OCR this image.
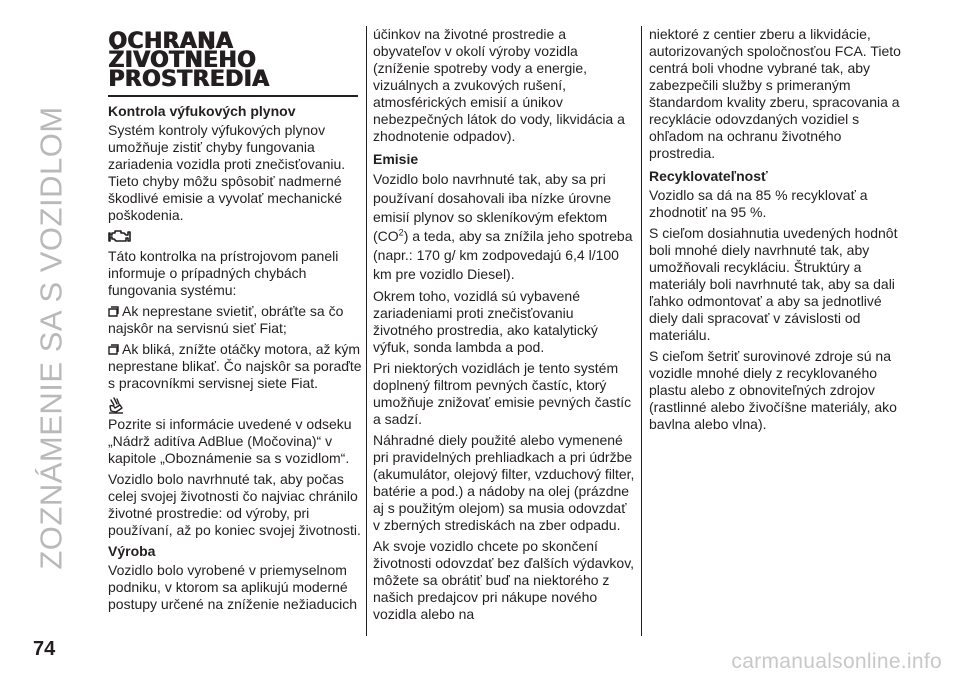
ZOZNÁMENIE SA S VOZIDLOM
OCHRANA
ŽIVOTNÉHO
PROSTREDIA
Kontrola výfukových plynov

Systém kontroly výfukových plynov umožňuje zistiť chyby fungovania zariadenia vozidla proti znečisťovaniu. Tieto chyby môžu spôsobiť nadmerné škodlivé emisie a vyvolať mechanické poškodenia.

Táto kontrolka na prístrojovom paneli informuje o prípadných chybách fungovania systému:

Ak neprestane svietiť, obráťte sa čo najskôr na servisnú sieť Fiat;

Ak bliká, znížte otáčky motora, až kým neprestane blikať. Čo najskôr sa poraďte s pracovníkmi servisnej siete Fiat.

Pozrite si informácie uvedené v odseku „Nádrž aditíva AdBlue (Močovina)“ v kapitole „Oboznámenie sa s vozidlom“.

Vozidlo bolo navrhnuté tak, aby počas celej svojej životnosti čo najviac chránilo životné prostredie: od výroby, pri používaní, až po koniec svojej životnosti.

Výroba

Vozidlo bolo vyrobené v priemyselnom podniku, v ktorom sa aplikujú moderné postupy určené na zníženie nežiaducich

účinkov na životné prostredie a obyvateľov v okolí výroby vozidla (zníženie spotreby vody a energie, vizuálnych a zvukových rušení, atmosférických emisií a únikov nebezpečných látok do vody, likvidácia a zhodnotenie odpadov).

Emisie

Vozidlo bolo navrhnuté tak, aby sa pri používaní dosahovali iba nízke úrovne emisií plynov so skleníkovým efektom $(CO^2)$ a teda, aby sa znížila jeho spotreba (napr.: 170 g/ km zodpovedajú 6,4 l/100 km pre vozidlo Diesel).

Okrem toho, vozidlá sú vybavené zariadeniami proti znečisťovaniu životného prostredia, ako katalytický výfuk, sonda lambda a pod.

Pri niektorých vozidlách je tento systém doplnený filtrom pevných častíc, ktorý umožňuje znižovať emisie pevných častíc a sadzí.

Náhradné diely použité alebo vymenené pri pravidelných prehliadkach a pri údržbe (akumulátor, olejový filter, vzduchový filter, batérie a pod.) a nádoby na olej (prázdne aj s použitým olejom) sa musia odovzdať v zberných strediskách na zber odpadu.

Ak svoje vozidlo chcete po skončení životnosti odovzdať bez ďalších výdavkov, môžete sa obrátiť buď na niektorého z našich predajcov pri nákupe nového vozidla alebo na

niektoré z centier zberu a likvidácie, autorizovaných spoločnosťou FCA. Tieto centrá boli vhodne vybrané tak, aby zabezpečili služby s primeraným štandardom kvality zberu, spracovania a recyklácie odovzdaných vozidiel s ohľadom na ochranu životného prostredia.

Recyklovateľnosť

Vozidlo sa dá na 85 % recyklovať a zhodnotiť na 95 %.

S cieľom dosiahnutia uvedených hodnôt boli mnohé diely navrhnuté tak, aby umožňovali recykláciu. Štruktúry a materiály boli navrhnuté tak, aby sa dali ľahko odmontovať a aby sa jednotlivé diely dali spracovať v závislosti od materiálu.

S cieľom šetriť surovinové zdroje sú na vozidle mnohé diely z recyklovaného plastu alebo z obnoviteľných zdrojov (rastlinné alebo živočíšne materiály, ako bavlna alebo vlna).

74
carmanualsonline.info
